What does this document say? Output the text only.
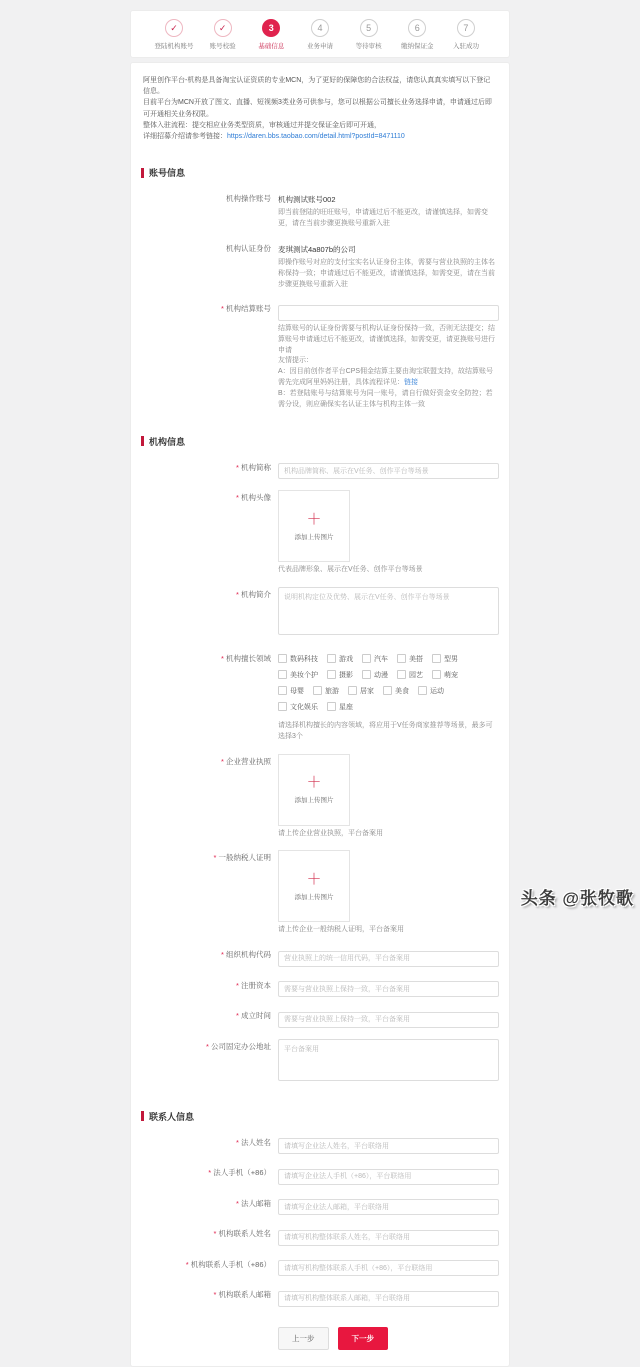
✓
登陆机构账号
✓
账号校验
3
基础信息
4
业务申请
5
等待审核
6
缴纳保证金
7
入驻成功
阿里创作平台-机构是具备淘宝认证资质的专业MCN，为了更好的保障您的合法权益，请您认真真实填写以下登记信息。
目前平台为MCN开放了图文、直播、短视频3类业务可供参与，您可以根据公司擅长业务选择申请，申请通过后即可开通相关业务权限。
整体入驻流程：提交相应业务类型资质，审核通过并提交保证金后即可开通，
详细招募介绍请参考链接：https://daren.bbs.taobao.com/detail.html?postId=8471110
账号信息
机构操作账号 机构测试账号002
即当前登陆的旺旺账号，申请通过后不能更改，请谨慎选择，如需变更，请在当前步骤更换账号重新入驻
机构认证身份 麦琪测试4a807b的公司
即操作账号对应的支付宝实名认证身份主体，需要与营业执照的主体名称保持一致；申请通过后不能更改，请谨慎选择，如需变更，请在当前步骤更换账号重新入驻
* 机构结算账号
结算账号的认证身份需要与机构认证身份保持一致，否则无法提交；结算账号申请通过后不能更改，请谨慎选择，如需变更，请更换账号进行申请
友情提示：
A：因目前创作者平台CPS佣金结算主要由淘宝联盟支持，故结算账号需先完成阿里妈妈注册，具体流程详见：链接
B：若登陆账号与结算账号为同一账号，请自行做好资金安全防控；若需分设，则应确保实名认证主体与机构主体一致
机构信息
* 机构简称
机构品牌简称、展示在V任务、创作平台等场景
* 机构头像
＋
添加上传图片
代表品牌形象、展示在V任务、创作平台等场景
* 机构简介
说明机构定位及优势、展示在V任务、创作平台等场景
* 机构擅长领域	数码科技	游戏	汽车	美搭	型男
美妆个护	摄影	动漫	园艺	萌宠
母婴	旅游	居家	美食	运动
文化娱乐	星座
请选择机构擅长的内容领域，将应用于V任务商家推荐等场景，最多可选择3个
* 企业营业执照
＋
添加上传图片
请上传企业营业执照，平台备案用
* 一般纳税人证明
＋
添加上传图片
请上传企业一般纳税人证明，平台备案用
* 组织机构代码
营业执照上的统一信用代码，平台备案用
* 注册资本
需要与营业执照上保持一致，平台备案用
* 成立时间
需要与营业执照上保持一致，平台备案用
* 公司固定办公地址
平台备案用
联系人信息
* 法人姓名
请填写企业法人姓名，平台联络用
* 法人手机（+86）
请填写企业法人手机（+86），平台联络用
* 法人邮箱
请填写企业法人邮箱，平台联络用
* 机构联系人姓名
请填写机构整体联系人姓名，平台联络用
* 机构联系人手机（+86）
请填写机构整体联系人手机（+86），平台联络用
* 机构联系人邮箱
请填写机构整体联系人邮箱，平台联络用
上一步	下一步
头条 @张牧歌
